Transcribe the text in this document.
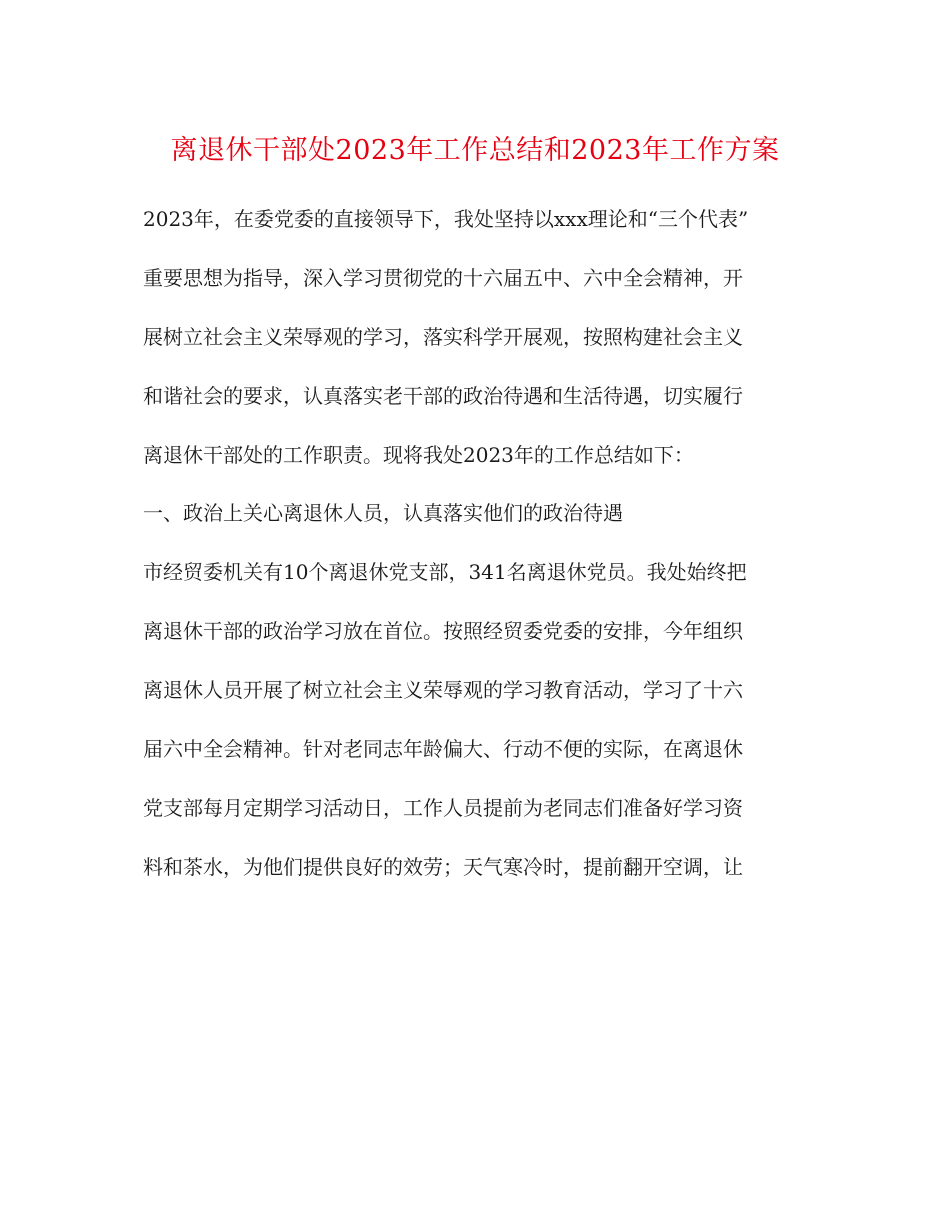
离退休干部处2023年工作总结和2023年工作方案
2023年，在委党委的直接领导下，我处坚持以xxx理论和“三个代表”
重要思想为指导，深入学习贯彻党的十六届五中、六中全会精神，开
展树立社会主义荣辱观的学习，落实科学开展观，按照构建社会主义
和谐社会的要求，认真落实老干部的政治待遇和生活待遇，切实履行
离退休干部处的工作职责。现将我处2023年的工作总结如下：
一、政治上关心离退休人员，认真落实他们的政治待遇
市经贸委机关有10个离退休党支部，341名离退休党员。我处始终把
离退休干部的政治学习放在首位。按照经贸委党委的安排，今年组织
离退休人员开展了树立社会主义荣辱观的学习教育活动，学习了十六
届六中全会精神。针对老同志年龄偏大、行动不便的实际，在离退休
党支部每月定期学习活动日，工作人员提前为老同志们准备好学习资
料和茶水，为他们提供良好的效劳；天气寒冷时，提前翻开空调，让
